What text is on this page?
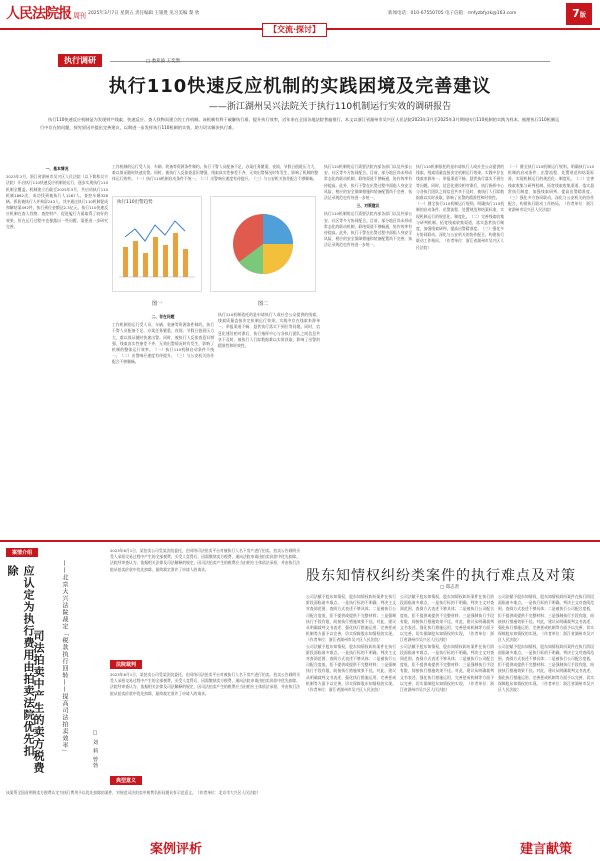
人民法院报 周刊 2025年3月7日 星期五 责任编辑 王银胜 见习美编 黎 欣	新闻电话：010-67550705 电子信箱：rmfyzbfyzk@163.com	7版
【交流·探讨】
执行调研	□ 娄亚波 王奕然
执行110快速反应机制的实践困境及完善建议
——浙江湖州吴兴法院关于执行110机制运行实效的调研报告
执行110快速反应机制是为发现财产线索、快速反应、查人找物而建立的工作机制。该机制有利于破解执行难、提升执行效率，近年来在全国各地法院普遍推行。本文以浙江省湖州市吴兴区人民法院2023年3月至2025年3月期间执行110机制的实践为样本，梳理执行110机制运行中存在的问题，探究原因并提出完善建议，以期进一步发挥执行110机制的实效，助力切实解决执行难。
一、基本情况
2023年3月，浙江省湖州市吴兴区人民法院（以下简称吴兴法院）开启执行110快速反应机制的运行，逐步实现执行110机制全覆盖。机制建立后截至2025年3月，共启动执行110机制1862次，成功找到被执行人1287人，查控车辆326辆，抓获被执行人并拘留243人，其中通过执行110机制促成和解结案492件，执行到位金额达2.3亿元。执行110快速反应机制在查人找物、查控财产、促进履行方面取得了较好的效果，但在运行过程中也暴露出一些问题，需要进一步研究完善。
执行110出警趋势
图一
工作机制的运行受人员、车辆、装备等资源条件制约。执行干警人员配备不足，办案任务繁重，夜间、节假日值班压力大，难以保证随时快速出警。同时，被执行人反侦查意识增强，线索真实性参差不齐，无效出警情况时有发生，影响了机制的整体运行效率。（一）执行110机制启动条件不统一。（二）出警响应速度有待提升。（三）与公安机关协作配合不够顺畅。
图二
二、存在问题
工作机制的运行受人员、车辆、装备等资源条件制约。执行干警人员配备不足，办案任务繁重，夜间、节假日值班压力大，难以保证随时快速出警。同时，被执行人反侦查意识增强，线索真实性参差不齐，无效出警情况时有发生，影响了机制的整体运行效率。（一）执行110机制启动条件不统一。（二）出警响应速度有待提升。（三）与公安机关协作配合不够顺畅。
执行110机制依托的是申请执行人或社会公众提供的线索，线索质量直接决定机制运行效果。实践中存在线索来源单一、举报渠道不畅、悬赏执行落实不到位等问题。同时，信息化建设相对滞后，执行指挥中心与各执行团队之间信息共享不及时，被执行人行踪数据难以实时获取，影响了出警的精准性和时效性。
执行110机制的运行需要法院内部各部门以及外部公安、社区等多方协同配合。目前，部分地区尚未形成常态化的联动机制，联络渠道不够畅通，协作效率有待提高。此外，执行干警在出警过程中面临人身安全风险，相应的安全保障措施和装备配置尚不完善，执法记录规范也有待进一步统一。
三、对策建议
执行110机制的运行需要法院内部各部门以及外部公安、社区等多方协同配合。目前，部分地区尚未形成常态化的联动机制，联络渠道不够畅通，协作效率有待提高。此外，执行干警在出警过程中面临人身安全风险，相应的安全保障措施和装备配置尚不完善，执法记录规范也有待进一步统一。
执行110机制依托的是申请执行人或社会公众提供的线索，线索质量直接决定机制运行效果。实践中存在线索来源单一、举报渠道不畅、悬赏执行落实不到位等问题。同时，信息化建设相对滞后，执行指挥中心与各执行团队之间信息共享不及时，被执行人行踪数据难以实时获取，影响了出警的精准性和时效性。
（一）健全执行110机制运行规则。明确执行110机制的启动条件、出警流程、处置规范和结案标准，实现机制运行的规范化、制度化。（二）完善线索收集与研判机制。拓宽线索收集渠道，落实悬赏执行制度，加强线索研判，提高出警精准度。（三）强化多方协同联动。深化与公安机关的协作配合，构建执行联动工作格局。（作者单位：浙江省湖州市吴兴区人民法院）
（一）健全执行110机制运行规则。明确执行110机制的启动条件、出警流程、处置规范和结案标准，实现机制运行的规范化、制度化。（二）完善线索收集与研判机制。拓宽线索收集渠道，落实悬赏执行制度，加强线索研判，提高出警精准度。（三）强化多方协同联动。深化与公安机关的协作配合，构建执行联动工作格局。（作者单位：浙江省湖州市吴兴区人民法院）
案情介绍
应认定为执行费用由拍卖法院优先扣除
司法拍卖中产生的卖方税费	——北京大兴法院裁定「税款执行回转——提高司法拍卖效率」	□ 刘 莉 曾勃
2023年6月1日，某拍卖公司受某法院委托，在网络司法拍卖平台对被执行人名下房产进行拍卖。拍卖公告载明买受人承担交易过程中产生的全部税费。买受人竞得后，因需缴纳卖方税费，遂向法院申请由拍卖价款中优先扣除。法院经审查认为，依据相关法律及司法解释的规定，因司法拍卖产生的税费应当由相应主体依法承担，并由执行法院从拍卖价款中优先扣除，最终裁定准许了申请人的请求。
法院裁判
2023年6月1日，某拍卖公司受某法院委托，在网络司法拍卖平台对被执行人名下房产进行拍卖。拍卖公告载明买受人承担交易过程中产生的全部税费。买受人竞得后，因需缴纳卖方税费，遂向法院申请由拍卖价款中优先扣除。法院经审查认为，依据相关法律及司法解释的规定，因司法拍卖产生的税费应当由相应主体依法承担，并由执行法院从拍卖价款中优先扣除，最终裁定准许了申请人的请求。
典型意义
该案系全国首例将卖方税费认定为执行费用予以优先扣除的案件，对规范司法拍卖中税费负担问题具有示范意义。（作者单位：北京市大兴区人民法院）
案例评析
股东知情权纠纷类案件的执行难点及对策
□ 郑志善
公司法赋予股东知情权，股东知情权纠纷案件在执行阶段面临诸多难点。一是执行标的不明确，判决主文对查阅范围、查阅方式表述不够具体；二是被执行公司配合度低，拒不提供或提供不完整材料；三是强制执行手段有限，间接执行措施效果不佳。对此，建议从明确裁判文书表述、强化执行措施运用、完善惩戒机制等方面予以完善，切实保障股东知情权的实现。（作者单位：浙江省湖州市吴兴区人民法院）
公司法赋予股东知情权，股东知情权纠纷案件在执行阶段面临诸多难点。一是执行标的不明确，判决主文对查阅范围、查阅方式表述不够具体；二是被执行公司配合度低，拒不提供或提供不完整材料；三是强制执行手段有限，间接执行措施效果不佳。对此，建议从明确裁判文书表述、强化执行措施运用、完善惩戒机制等方面予以完善，切实保障股东知情权的实现。（作者单位：浙江省湖州市吴兴区人民法院）
公司法赋予股东知情权，股东知情权纠纷案件在执行阶段面临诸多难点。一是执行标的不明确，判决主文对查阅范围、查阅方式表述不够具体；二是被执行公司配合度低，拒不提供或提供不完整材料；三是强制执行手段有限，间接执行措施效果不佳。对此，建议从明确裁判文书表述、强化执行措施运用、完善惩戒机制等方面予以完善，切实保障股东知情权的实现。（作者单位：浙江省湖州市吴兴区人民法院）
公司法赋予股东知情权，股东知情权纠纷案件在执行阶段面临诸多难点。一是执行标的不明确，判决主文对查阅范围、查阅方式表述不够具体；二是被执行公司配合度低，拒不提供或提供不完整材料；三是强制执行手段有限，间接执行措施效果不佳。对此，建议从明确裁判文书表述、强化执行措施运用、完善惩戒机制等方面予以完善，切实保障股东知情权的实现。（作者单位：浙江省湖州市吴兴区人民法院）
公司法赋予股东知情权，股东知情权纠纷案件在执行阶段面临诸多难点。一是执行标的不明确，判决主文对查阅范围、查阅方式表述不够具体；二是被执行公司配合度低，拒不提供或提供不完整材料；三是强制执行手段有限，间接执行措施效果不佳。对此，建议从明确裁判文书表述、强化执行措施运用、完善惩戒机制等方面予以完善，切实保障股东知情权的实现。（作者单位：浙江省湖州市吴兴区人民法院）
公司法赋予股东知情权，股东知情权纠纷案件在执行阶段面临诸多难点。一是执行标的不明确，判决主文对查阅范围、查阅方式表述不够具体；二是被执行公司配合度低，拒不提供或提供不完整材料；三是强制执行手段有限，间接执行措施效果不佳。对此，建议从明确裁判文书表述、强化执行措施运用、完善惩戒机制等方面予以完善，切实保障股东知情权的实现。（作者单位：浙江省湖州市吴兴区人民法院）
建言献策
